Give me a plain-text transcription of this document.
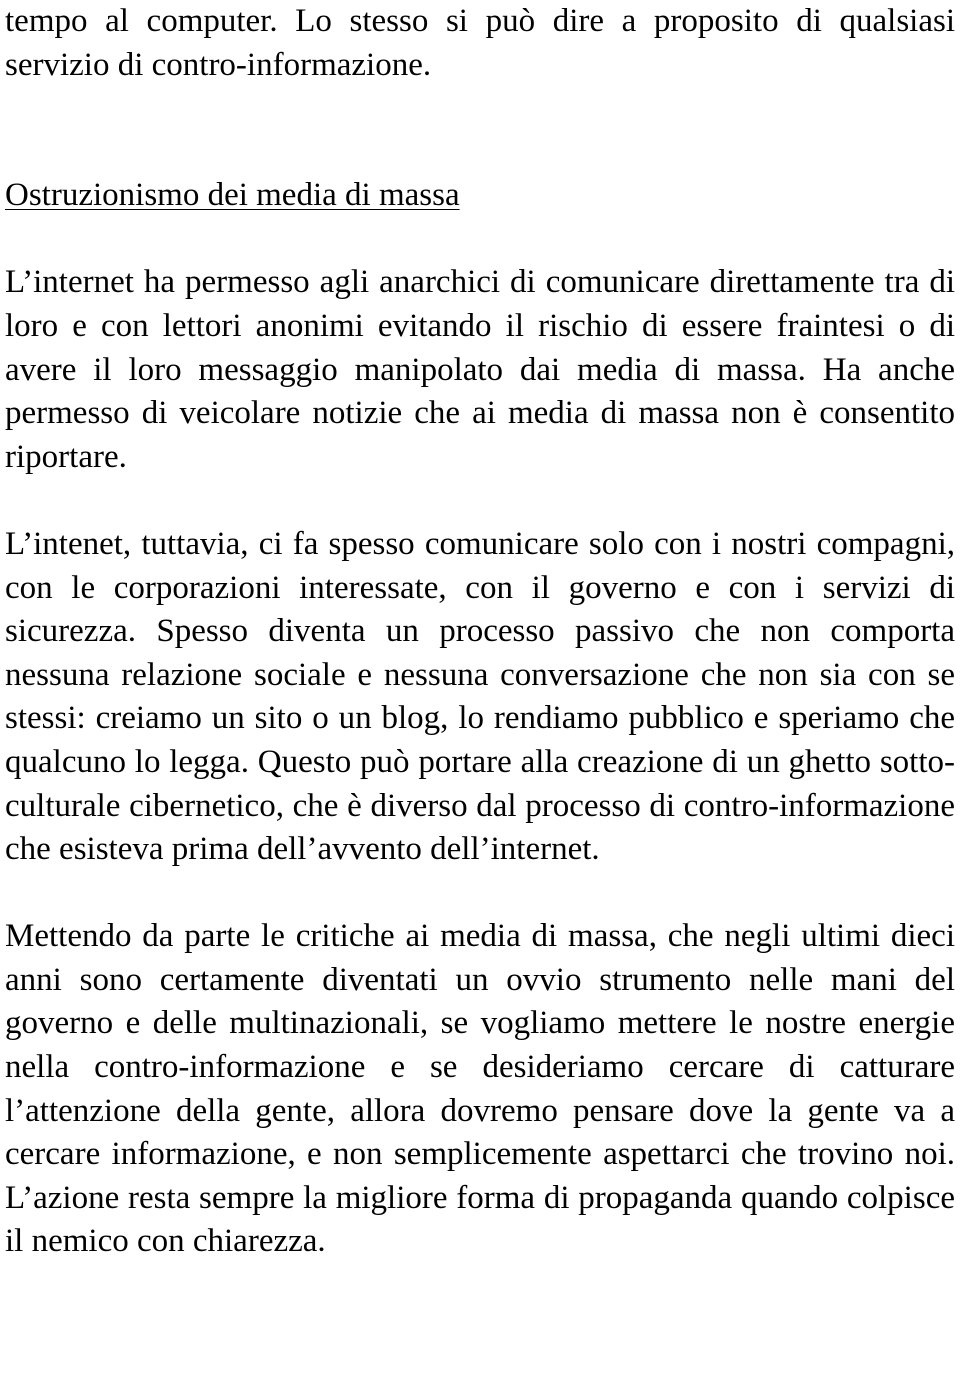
tempo al computer. Lo stesso si può dire a proposito di qualsiasi servizio di contro-informazione.

Ostruzionismo dei media di massa

L’internet ha permesso agli anarchici di comunicare direttamente tra di loro e con lettori anonimi evitando il rischio di essere fraintesi o di avere il loro messaggio manipolato dai media di massa. Ha anche permesso di veicolare notizie che ai media di massa non è consentito riportare.

L’intenet, tuttavia, ci fa spesso comunicare solo con i nostri compagni, con le corporazioni interessate, con il governo e con i servizi di sicurezza. Spesso diventa un processo passivo che non comporta nessuna relazione sociale e nessuna conversazione che non sia con se stessi: creiamo un sito o un blog, lo rendiamo pubblico e speriamo che qualcuno lo legga. Questo può portare alla creazione di un ghetto sotto-culturale cibernetico, che è diverso dal processo di contro-informazione che esisteva prima dell’avvento dell’internet.

Mettendo da parte le critiche ai media di massa, che negli ultimi dieci anni sono certamente diventati un ovvio strumento nelle mani del governo e delle multinazionali, se vogliamo mettere le nostre energie nella contro-informazione e se desideriamo cercare di catturare l’attenzione della gente, allora dovremo pensare dove la gente va a cercare informazione, e non semplicemente aspettarci che trovino noi. L’azione resta sempre la migliore forma di propaganda quando colpisce il nemico con chiarezza.
